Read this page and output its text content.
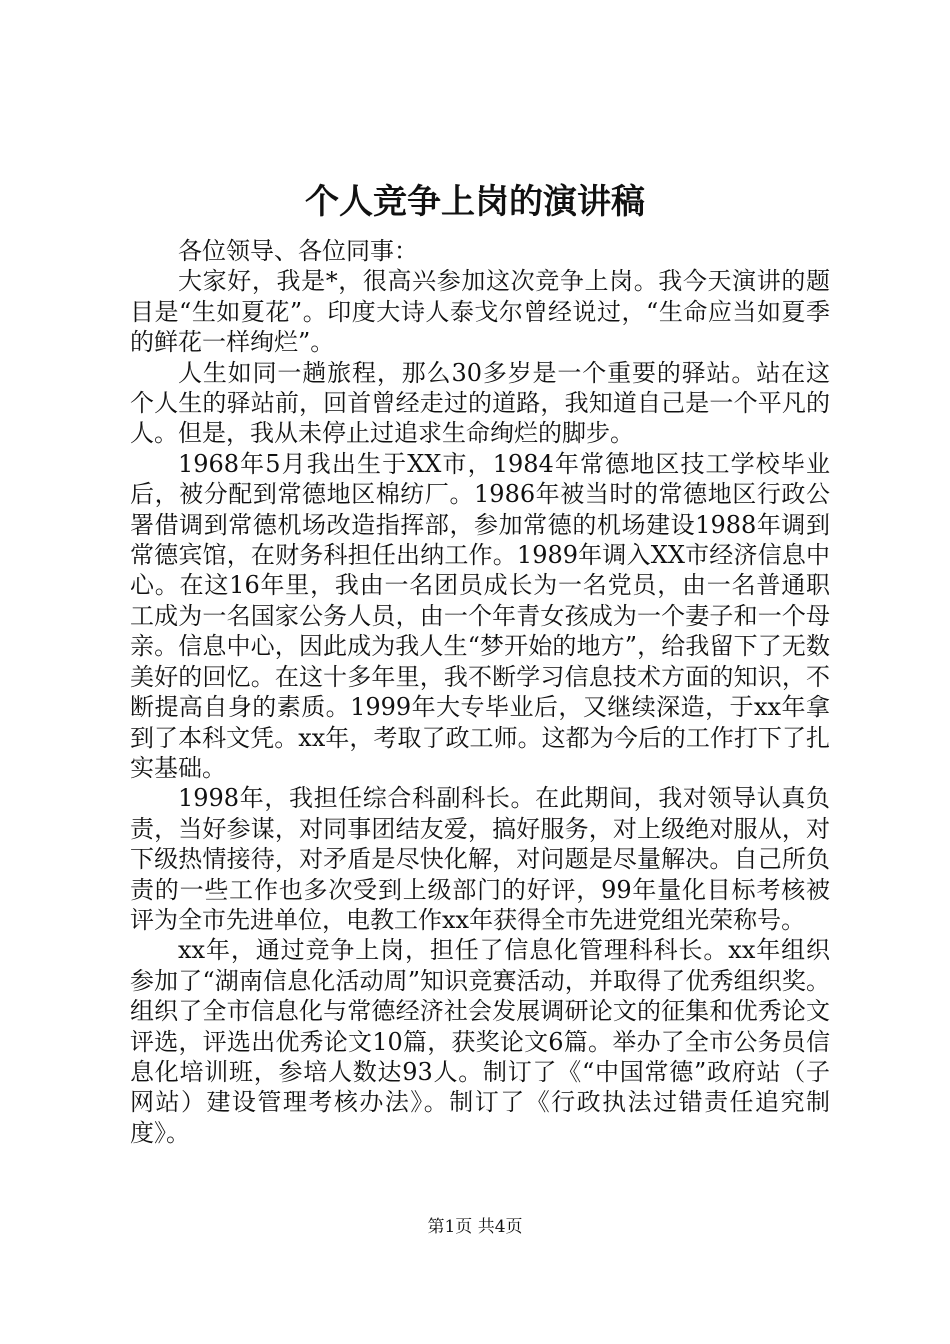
个人竞争上岗的演讲稿

各位领导、各位同事：

大家好，我是*，很高兴参加这次竞争上岗。我今天演讲的题目是“生如夏花”。印度大诗人泰戈尔曾经说过，“生命应当如夏季的鲜花一样绚烂”。

人生如同一趟旅程，那么30多岁是一个重要的驿站。站在这个人生的驿站前，回首曾经走过的道路，我知道自己是一个平凡的人。但是，我从未停止过追求生命绚烂的脚步。

1968年5月我出生于XX市，1984年常德地区技工学校毕业后，被分配到常德地区棉纺厂。1986年被当时的常德地区行政公署借调到常德机场改造指挥部，参加常德的机场建设1988年调到常德宾馆，在财务科担任出纳工作。1989年调入XX市经济信息中心。在这16年里，我由一名团员成长为一名党员，由一名普通职工成为一名国家公务人员，由一个年青女孩成为一个妻子和一个母亲。信息中心，因此成为我人生“梦开始的地方”，给我留下了无数美好的回忆。在这十多年里，我不断学习信息技术方面的知识，不断提高自身的素质。1999年大专毕业后，又继续深造，于xx年拿到了本科文凭。xx年，考取了政工师。这都为今后的工作打下了扎实基础。

1998年，我担任综合科副科长。在此期间，我对领导认真负责，当好参谋，对同事团结友爱，搞好服务，对上级绝对服从，对下级热情接待，对矛盾是尽快化解，对问题是尽量解决。自己所负责的一些工作也多次受到上级部门的好评，99年量化目标考核被评为全市先进单位，电教工作xx年获得全市先进党组光荣称号。

xx年，通过竞争上岗，担任了信息化管理科科长。xx年组织参加了“湖南信息化活动周”知识竞赛活动，并取得了优秀组织奖。组织了全市信息化与常德经济社会发展调研论文的征集和优秀论文评选，评选出优秀论文10篇，获奖论文6篇。举办了全市公务员信息化培训班，参培人数达93人。制订了《“中国常德”政府站（子网站）建设管理考核办法》。制订了《行政执法过错责任追究制度》。

第1页 共4页
